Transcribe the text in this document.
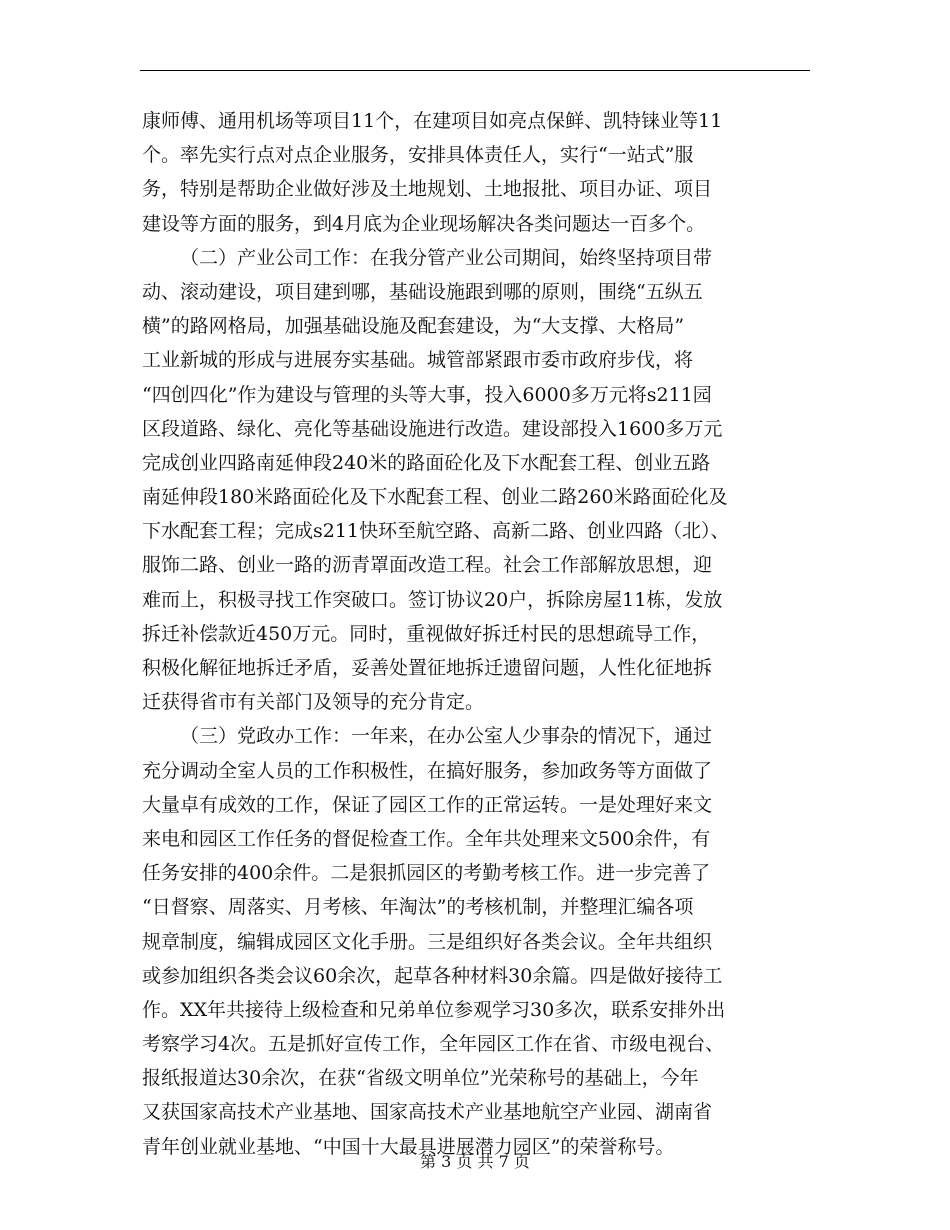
康师傅、通用机场等项目11个，在建项目如亮点保鲜、凯特铼业等11
个。率先实行点对点企业服务，安排具体责任人，实行“一站式”服
务，特别是帮助企业做好涉及土地规划、土地报批、项目办证、项目
建设等方面的服务，到4月底为企业现场解决各类问题达一百多个。
（二）产业公司工作：在我分管产业公司期间，始终坚持项目带
动、滚动建设，项目建到哪，基础设施跟到哪的原则，围绕“五纵五
横”的路网格局，加强基础设施及配套建设，为“大支撑、大格局”
工业新城的形成与进展夯实基础。城管部紧跟市委市政府步伐，将
“四创四化”作为建设与管理的头等大事，投入6000多万元将s211园
区段道路、绿化、亮化等基础设施进行改造。建设部投入1600多万元
完成创业四路南延伸段240米的路面砼化及下水配套工程、创业五路
南延伸段180米路面砼化及下水配套工程、创业二路260米路面砼化及
下水配套工程；完成s211快环至航空路、高新二路、创业四路（北）、
服饰二路、创业一路的沥青罩面改造工程。社会工作部解放思想，迎
难而上，积极寻找工作突破口。签订协议20户，拆除房屋11栋，发放
拆迁补偿款近450万元。同时，重视做好拆迁村民的思想疏导工作，
积极化解征地拆迁矛盾，妥善处置征地拆迁遗留问题，人性化征地拆
迁获得省市有关部门及领导的充分肯定。
（三）党政办工作：一年来，在办公室人少事杂的情况下，通过
充分调动全室人员的工作积极性，在搞好服务，参加政务等方面做了
大量卓有成效的工作，保证了园区工作的正常运转。一是处理好来文
来电和园区工作任务的督促检查工作。全年共处理来文500余件，有
任务安排的400余件。二是狠抓园区的考勤考核工作。进一步完善了
“日督察、周落实、月考核、年淘汰”的考核机制，并整理汇编各项
规章制度，编辑成园区文化手册。三是组织好各类会议。全年共组织
或参加组织各类会议60余次，起草各种材料30余篇。四是做好接待工
作。XX年共接待上级检查和兄弟单位参观学习30多次，联系安排外出
考察学习4次。五是抓好宣传工作，全年园区工作在省、市级电视台、
报纸报道达30余次，在获“省级文明单位”光荣称号的基础上，今年
又获国家高技术产业基地、国家高技术产业基地航空产业园、湖南省
青年创业就业基地、“中国十大最具进展潜力园区”的荣誉称号。
第 3 页 共 7 页
